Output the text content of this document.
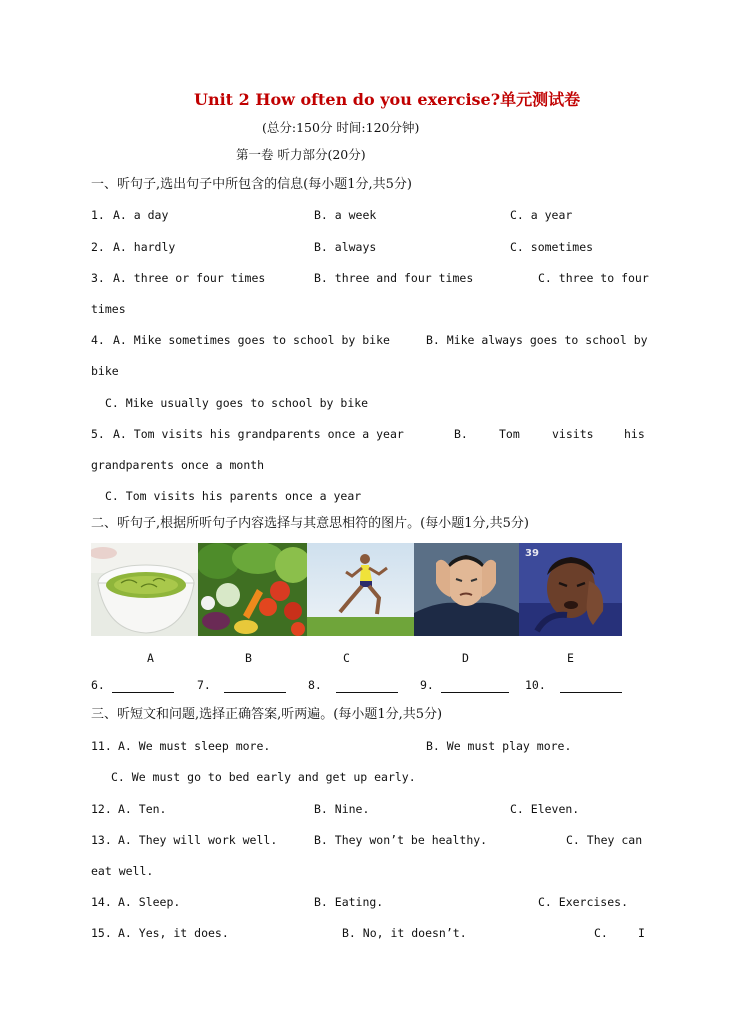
Unit 2 How often do you exercise?单元测试卷
(总分:150分 时间:120分钟)
第一卷 听力部分(20分)
一、听句子,选出句子中所包含的信息(每小题1分,共5分)
1. A. a day	B. a week	C. a year
2. A. hardly	B. always	C. sometimes
3. A. three or four times	B. three and four times	C. three to four
times
4. A. Mike sometimes goes to school by bike	B. Mike always goes to school by
bike
C. Mike usually goes to school by bike
5. A. Tom visits his grandparents once a year	B.	Tom	visits	his
grandparents once a month
C. Tom visits his parents once a year
二、听句子,根据所听句子内容选择与其意思相符的图片。(每小题1分,共5分)
39
A	B	C	D	E
6.	7.	8.	9.	10.
三、听短文和问题,选择正确答案,听两遍。(每小题1分,共5分)
11. A. We must sleep more.	B. We must play more.
C. We must go to bed early and get up early.
12. A. Ten.	B. Nine.	C. Eleven.
13. A. They will work well.	B. They won’t be healthy.	C. They can
eat well.
14. A. Sleep.	B. Eating.	C. Exercises.
15. A. Yes, it does.	B. No, it doesn’t.	C.	I
